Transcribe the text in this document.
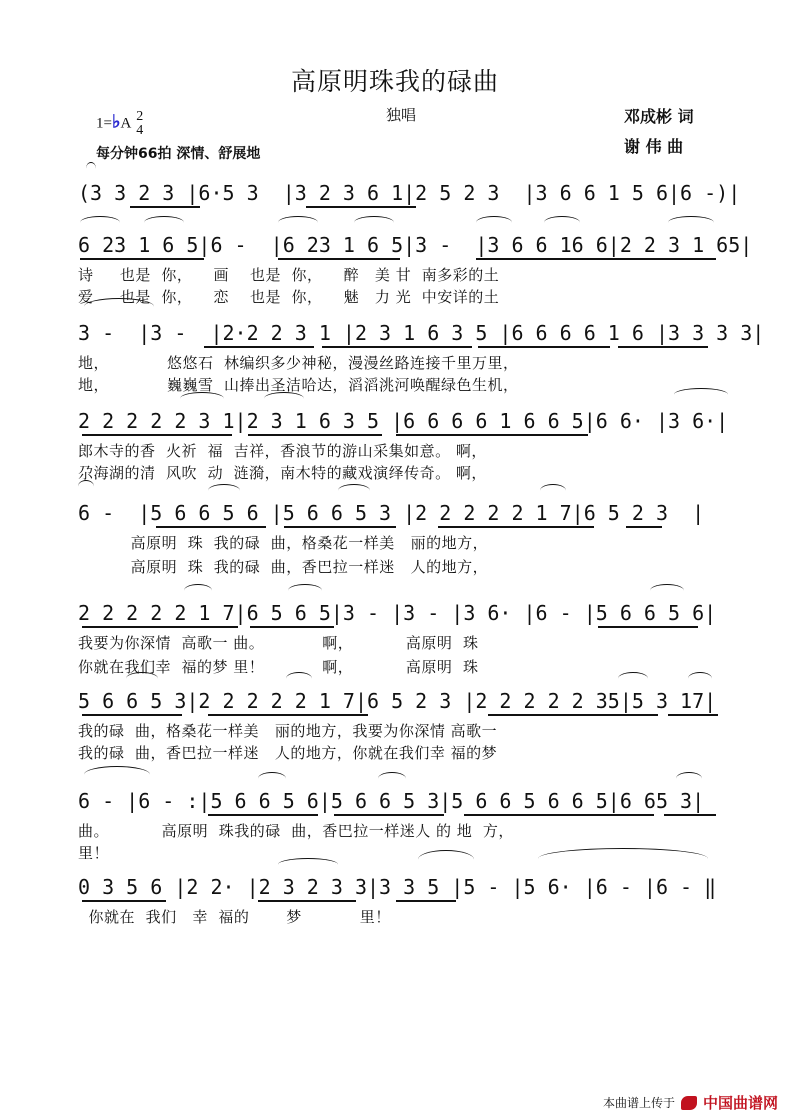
高原明珠我的碌曲
1=♭A 2
4
独唱
每分钟66拍 深情、舒展地
邓成彬 词
谢 伟 曲
(3 3 2 3 |6·5 3  |3 2 3 6 1|2 5 2 3  |3 6 6 1 5 6|6 -)|
6 23 1 6 5|6 -  |6 23 1 6 5|3 -  |3 6 6 16 6|2 2 3 1 65|
诗     也是  你，    画    也是  你，    醉   美 甘  南多彩的土
爱     也是  你，    恋    也是  你，    魅   力 光  中安详的土
3 -  |3 -  |2·2 2 3 1 |2 3 1 6 3 5 |6 6 6 6 1 6 |3 3 3 3|
地，           悠悠石  林编织多少神秘，漫漫丝路连接千里万里，
地，           巍巍雪  山捧出圣洁哈达，滔滔洮河唤醒绿色生机，
2 2 2 2 2 3 1|2 3 1 6 3 5 |6 6 6 6 1 6 6 5|6 6· |3 6·|
郎木寺的香  火祈  福  吉祥，香浪节的游山采集如意。 啊，
尕海湖的清  风吹  动  涟漪，南木特的藏戏演绎传奇。 啊，
6 -  |5 6 6 5 6 |5 6 6 5 3 |2 2 2 2 2 1 7|6 5 2 3  |
高原明  珠  我的碌  曲，格桑花一样美   丽的地方，
高原明  珠  我的碌  曲，香巴拉一样迷   人的地方，
2 2 2 2 2 1 7|6 5 6 5|3 - |3 - |3 6· |6 - |5 6 6 5 6|
我要为你深情  高歌一 曲。           啊，          高原明  珠
你就在我们幸  福的梦 里！           啊，          高原明  珠
5 6 6 5 3|2 2 2 2 2 1 7|6 5 2 3 |2 2 2 2 2 35|5 3 17|
我的碌  曲，格桑花一样美   丽的地方，我要为你深情 高歌一
我的碌  曲，香巴拉一样迷   人的地方，你就在我们幸 福的梦
6 - |6 - :|5 6 6 5 6|5 6 6 5 3|5 6 6 5 6 6 5|6 65 3|
曲。          高原明  珠我的碌  曲，香巴拉一样迷人 的 地  方，
里！
0 3 5 6 |2 2· |2 3 2 3 3|3 3 5 |5 - |5 6· |6 - |6 - ‖
你就在  我们   幸  福的       梦           里！
本曲谱上传于 中国曲谱网
